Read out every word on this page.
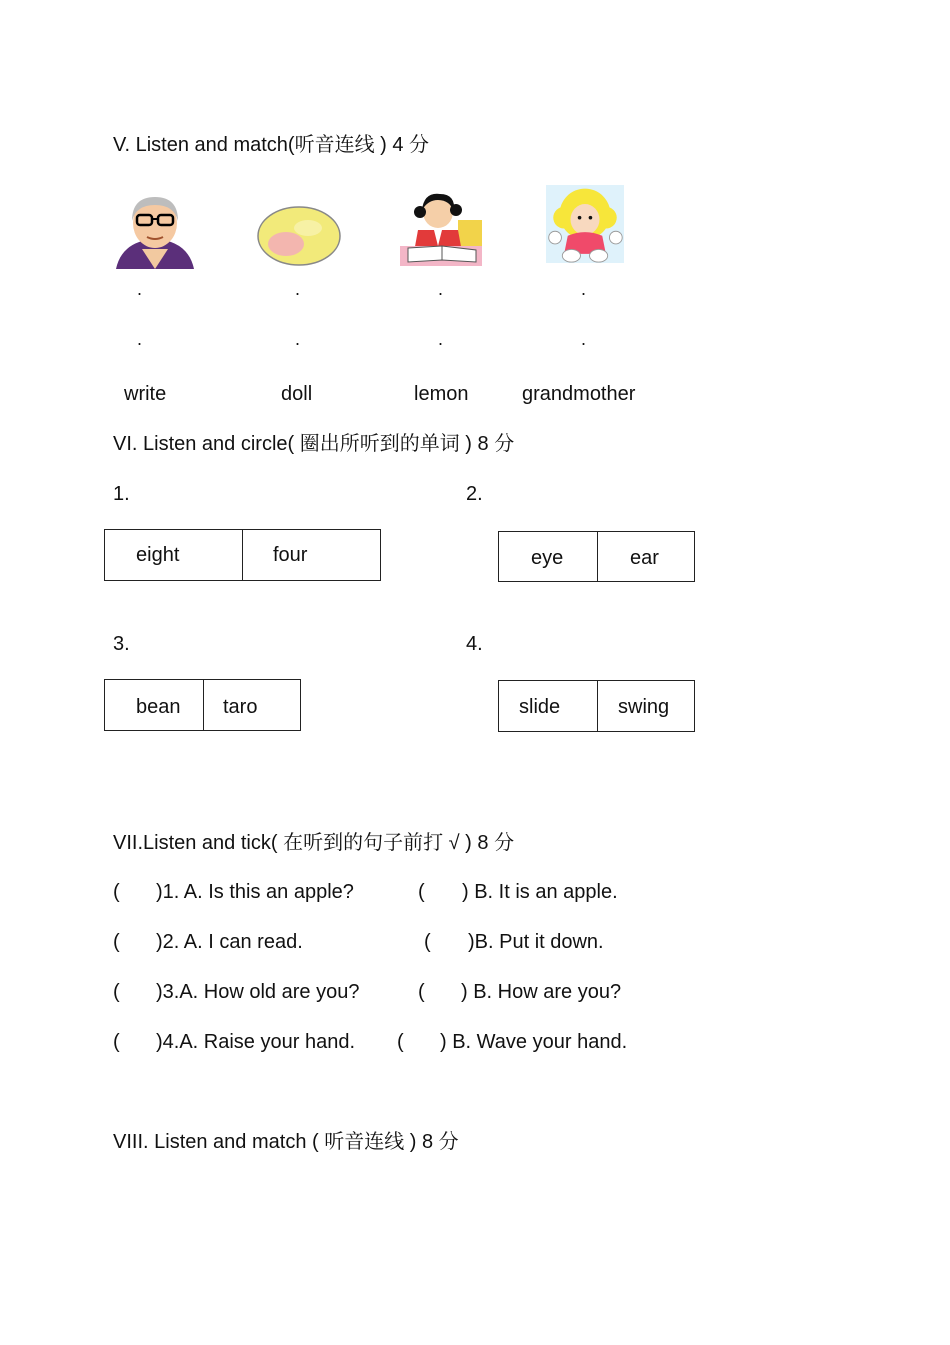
V. Listen and match(听音连线 ) 4 分
.	.	.	.
.	.	.	.
write	doll	lemon	grandmother
VI. Listen and circle( 圈出所听到的单词 ) 8 分
1.	2.
eight	four	eye	ear
3.	4.
bean	taro	slide	swing
VII.Listen and tick( 在听到的句子前打 √ ) 8 分
( )1. A. Is this an apple?	( ) B. It is an apple.
( )2. A. I can read.	( )B. Put it down.
( )3.A. How old are you?	( ) B. How are you?
( )4.A. Raise your hand. ( ) B. Wave your hand.
VIII. Listen and match ( 听音连线 ) 8 分
